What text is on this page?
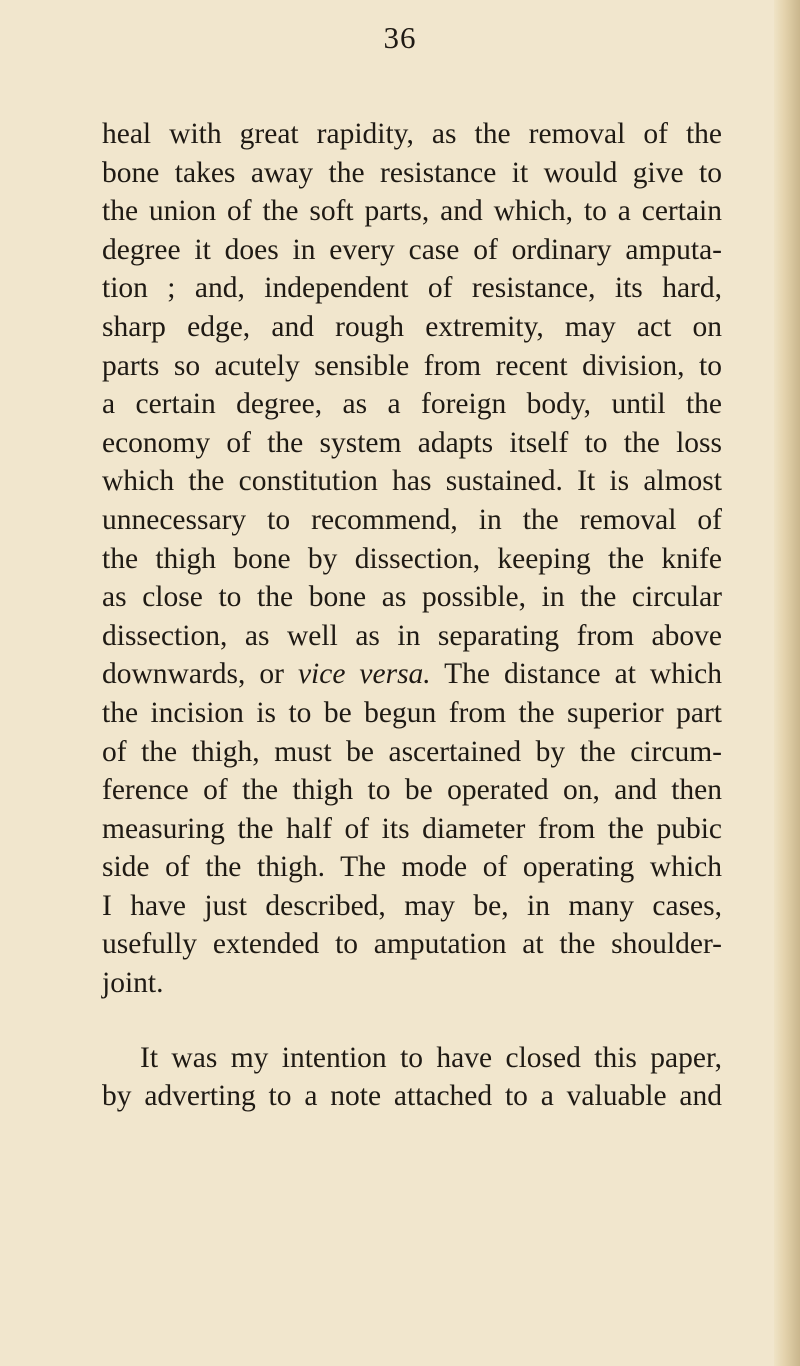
36
heal with great rapidity, as the removal of the
bone takes away the resistance it would give to
the union of the soft parts, and which, to a certain
degree it does in every case of ordinary amputa-
tion ; and, independent of resistance, its hard,
sharp edge, and rough extremity, may act on
parts so acutely sensible from recent division, to
a certain degree, as a foreign body, until the
economy of the system adapts itself to the loss
which the constitution has sustained. It is almost
unnecessary to recommend, in the removal of
the thigh bone by dissection, keeping the knife
as close to the bone as possible, in the circular
dissection, as well as in separating from above
downwards, or vice versa. The distance at which
the incision is to be begun from the superior part
of the thigh, must be ascertained by the circum-
ference of the thigh to be operated on, and then
measuring the half of its diameter from the pubic
side of the thigh. The mode of operating which
I have just described, may be, in many cases,
usefully extended to amputation at the shoulder-
joint.
It was my intention to have closed this paper,
by adverting to a note attached to a valuable and
